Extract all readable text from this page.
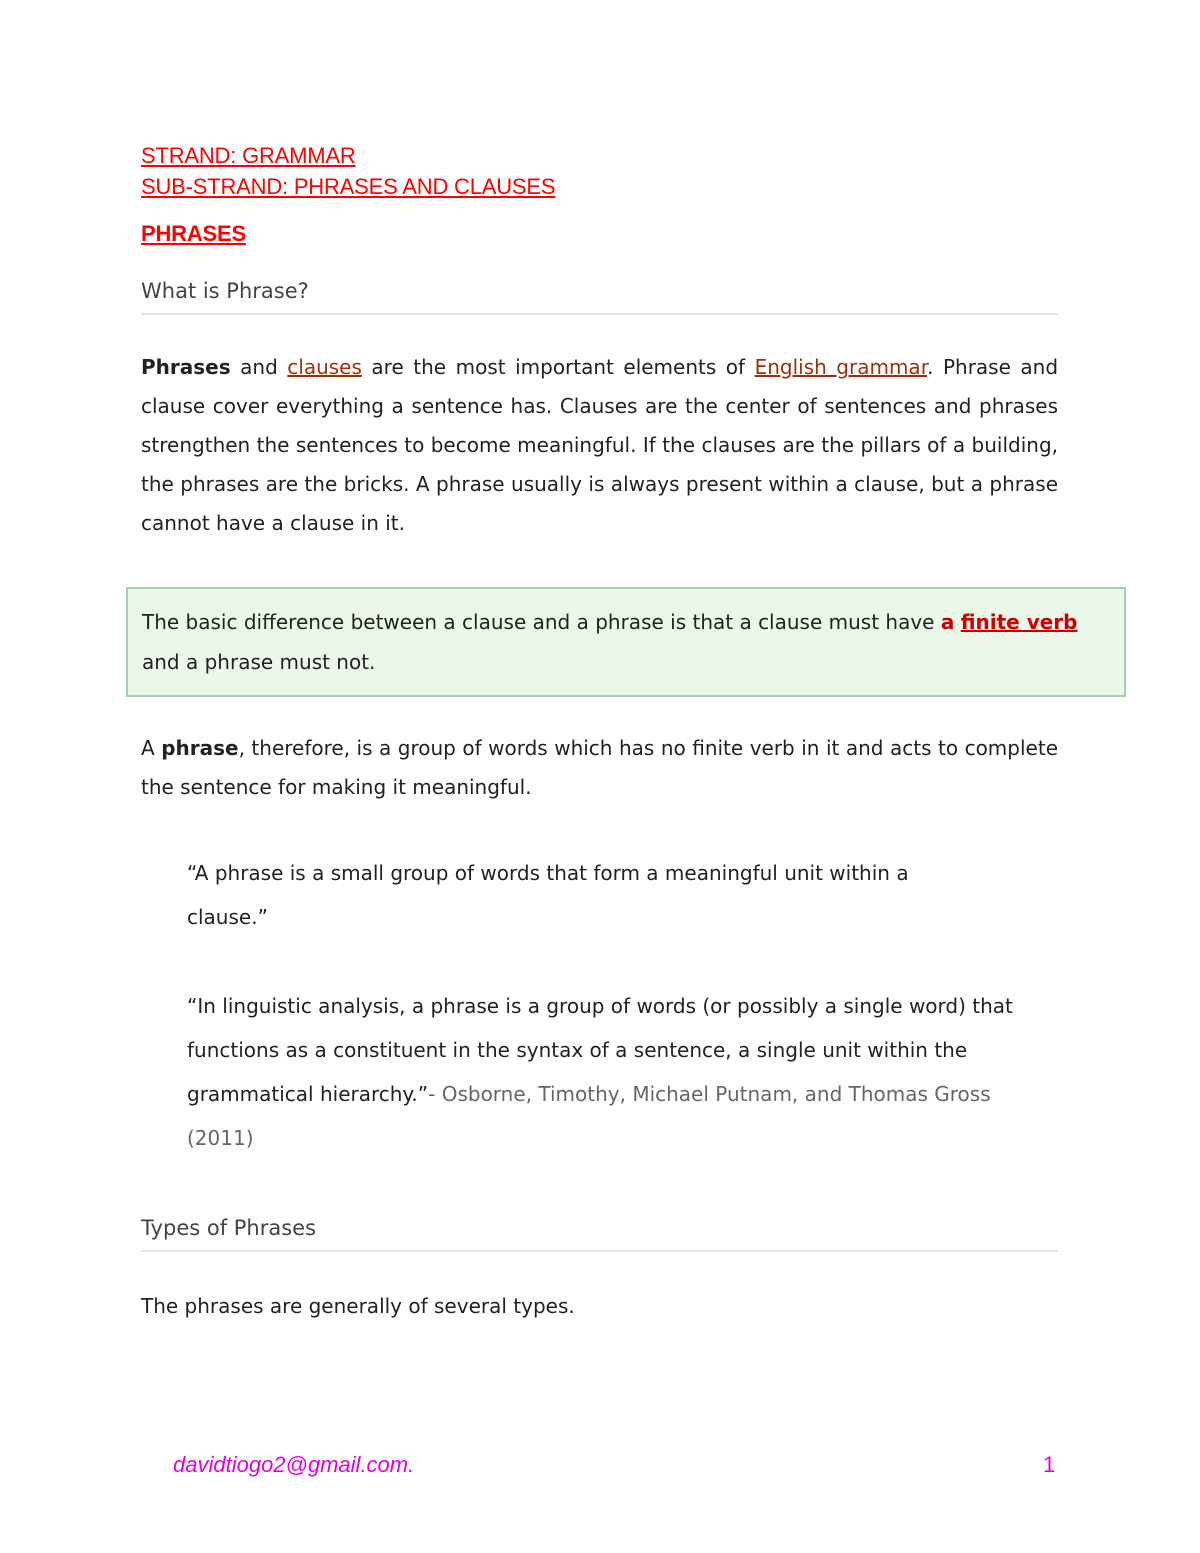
STRAND: GRAMMAR
SUB-STRAND: PHRASES AND CLAUSES
PHRASES
What is Phrase?
Phrases and clauses are the most important elements of English grammar. Phrase and clause cover everything a sentence has. Clauses are the center of sentences and phrases strengthen the sentences to become meaningful. If the clauses are the pillars of a building, the phrases are the bricks. A phrase usually is always present within a clause, but a phrase cannot have a clause in it.
The basic difference between a clause and a phrase is that a clause must have a finite verb and a phrase must not.
A phrase, therefore, is a group of words which has no finite verb in it and acts to complete the sentence for making it meaningful.
“A phrase is a small group of words that form a meaningful unit within a clause.”
“In linguistic analysis, a phrase is a group of words (or possibly a single word) that functions as a constituent in the syntax of a sentence, a single unit within the grammatical hierarchy.”- Osborne, Timothy, Michael Putnam, and Thomas Gross (2011)
Types of Phrases
The phrases are generally of several types.
davidtiogo2@gmail.com.	1
